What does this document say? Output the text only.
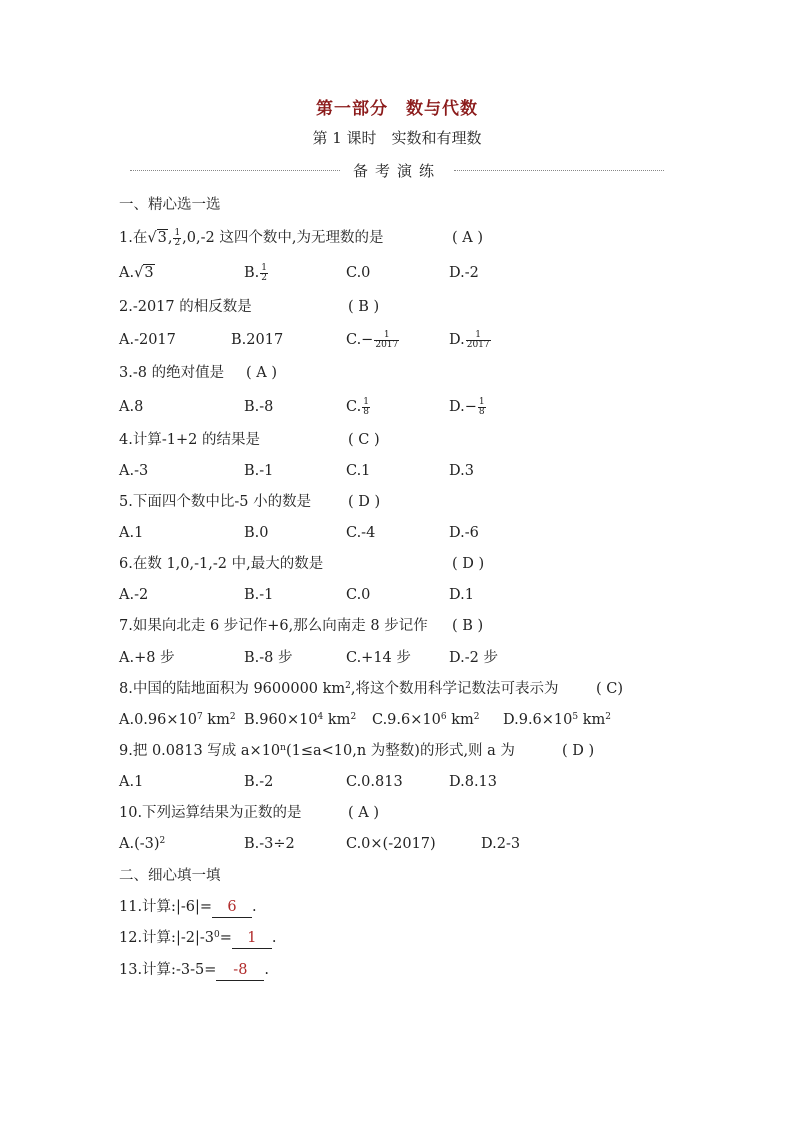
第一部分　数与代数
第 1 课时　实数和有理数
备考演练
一、精心选一选
1.在√3, $\frac{1}{2} ,0,-2$ 这四个数中,为无理数的是	( A )
A.√3	B. $\frac{1}{2}$	C.0	D.-2
2.-2017 的相反数是	( B )
A.-2017	B.2017	$C.- \frac{1}{2017}$	D. $\frac{1}{2017}$
3.-8 的绝对值是 ( A )
A.8	B.-8	C. $\frac{1}{8}$	$D.- \frac{1}{8}$
4.计算-1+2 的结果是	( C )
A.-3	B.-1	C.1	D.3
5.下面四个数中比-5 小的数是	( D )
A.1	B.0	C.-4	D.-6
6.在数 1,0,-1,-2 中,最大的数是	( D )
A.-2	B.-1	C.0	D.1
7.如果向北走 6 步记作+6,那么向南走 8 步记作 ( B )
A.+8 步	B.-8 步	C.+14 步	D.-2 步
8.中国的陆地面积为 9600000 $km^2$,将这个数用科学记数法可表示为	( C)
$A.0.96\times 10^7$ $km^2$ $B.960\times 10^4$ $km^2$ $C.9.6\times 10^6$ $km^2$ $D.9.6\times 10^5$ $km^2$
9.把 0.0813 写成 $a\times 10^n(1\le a<10,n$ 为整数)的形式,则 a 为	( D )
A.1	B.-2	C.0.813	D.8.13
10.下列运算结果为正数的是	( A )
$A.(-3)^2$	B.-3÷2	C.0×(-2017)	D.2-3
二、细心填一填
11.计算:|-6|= 6 .
12.计算$:|-2|-3^0= 1$ .
13.计算:-3-5= -8 .
